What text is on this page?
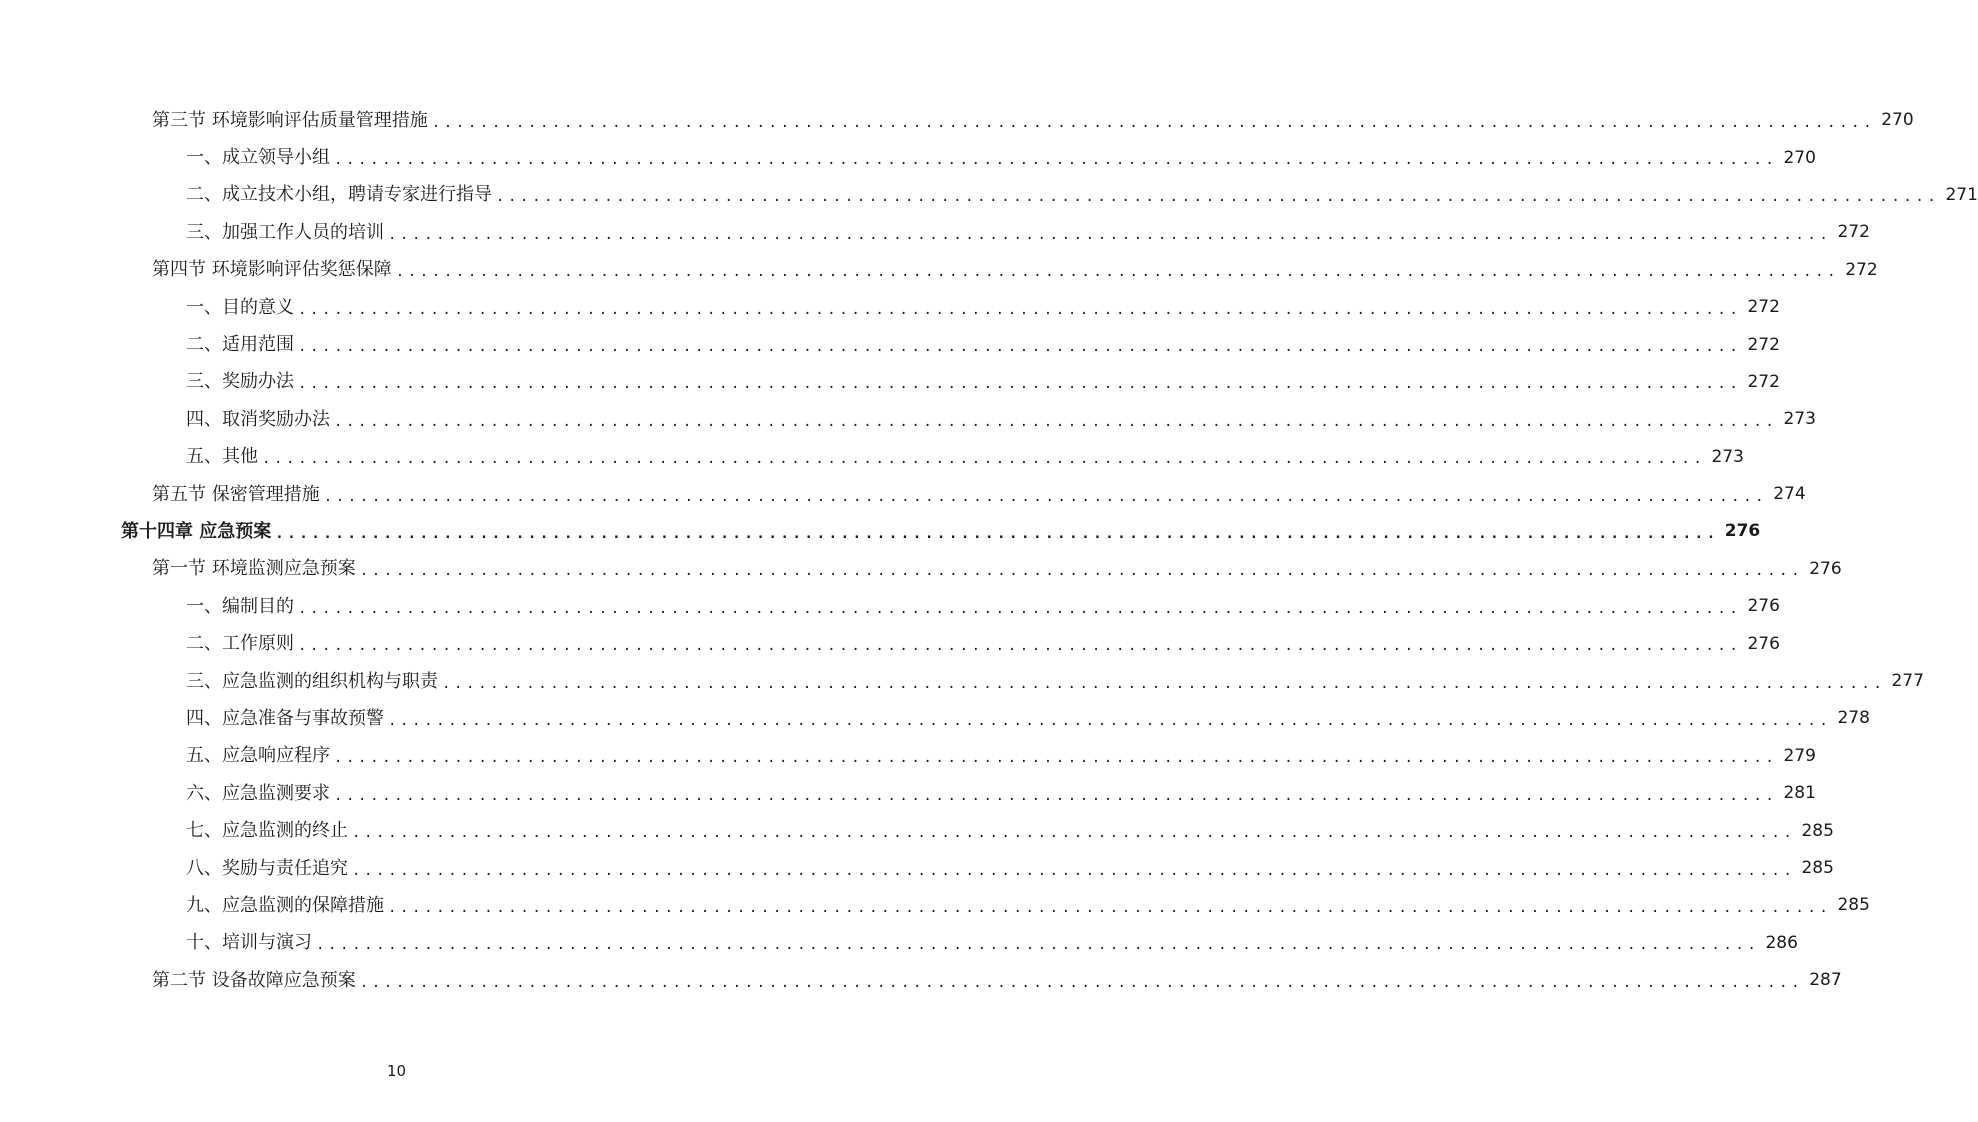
第三节 环境影响评估质量管理措施 ........................................................................................................................ 270
一、成立领导小组 ........................................................................................................................ 270
二、成立技术小组，聘请专家进行指导 ........................................................................................................................ 271
三、加强工作人员的培训 ........................................................................................................................ 272
第四节 环境影响评估奖惩保障 ........................................................................................................................ 272
一、目的意义 ........................................................................................................................ 272
二、适用范围 ........................................................................................................................ 272
三、奖励办法 ........................................................................................................................ 272
四、取消奖励办法 ........................................................................................................................ 273
五、其他 ........................................................................................................................ 273
第五节 保密管理措施 ........................................................................................................................ 274
第十四章 应急预案 ........................................................................................................................ 276
第一节 环境监测应急预案 ........................................................................................................................ 276
一、编制目的 ........................................................................................................................ 276
二、工作原则 ........................................................................................................................ 276
三、应急监测的组织机构与职责 ........................................................................................................................ 277
四、应急准备与事故预警 ........................................................................................................................ 278
五、应急响应程序 ........................................................................................................................ 279
六、应急监测要求 ........................................................................................................................ 281
七、应急监测的终止 ........................................................................................................................ 285
八、奖励与责任追究 ........................................................................................................................ 285
九、应急监测的保障措施 ........................................................................................................................ 285
十、培训与演习 ........................................................................................................................ 286
第二节 设备故障应急预案 ........................................................................................................................ 287
10
